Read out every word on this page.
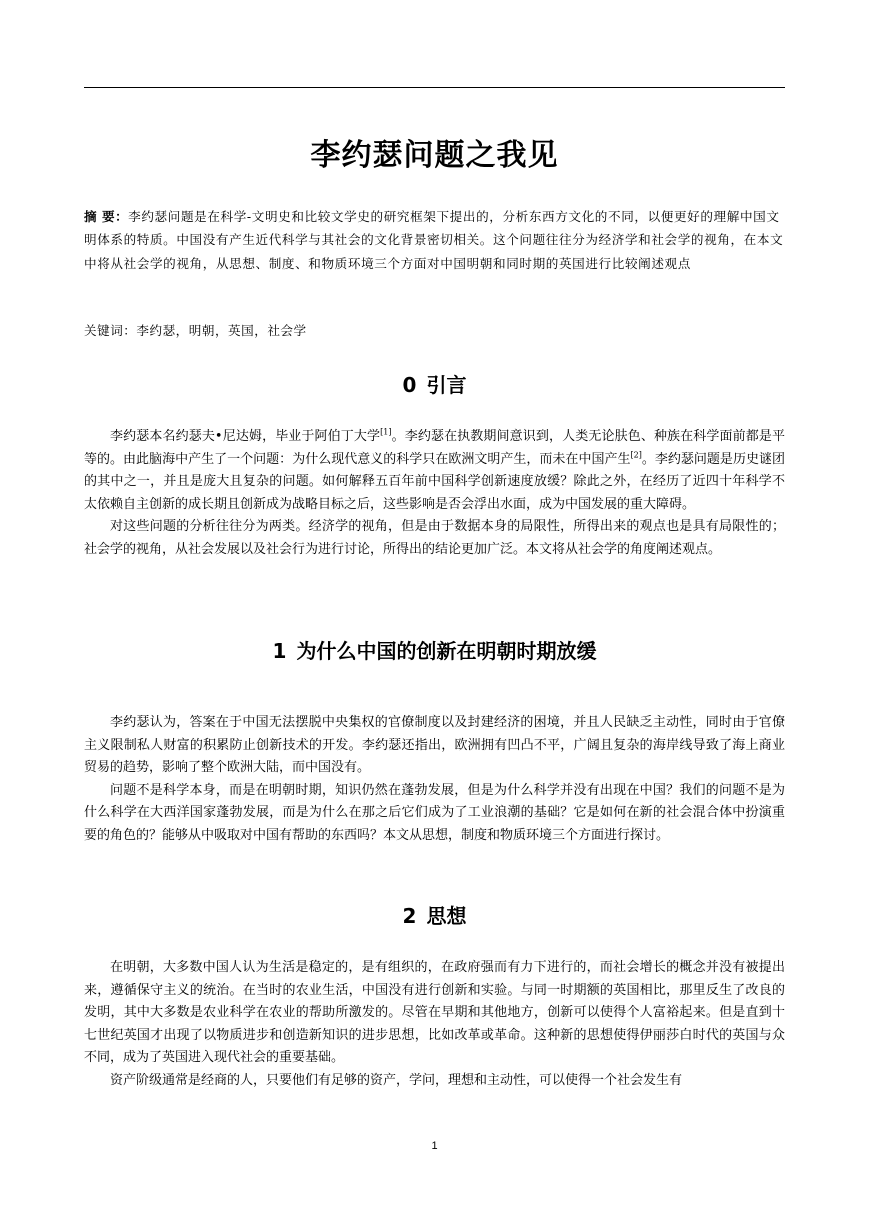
李约瑟问题之我见
摘 要：李约瑟问题是在科学-文明史和比较文学史的研究框架下提出的，分析东西方文化的不同，以便更好的理解中国文明体系的特质。中国没有产生近代科学与其社会的文化背景密切相关。这个问题往往分为经济学和社会学的视角，在本文中将从社会学的视角，从思想、制度、和物质环境三个方面对中国明朝和同时期的英国进行比较阐述观点
关键词：李约瑟，明朝，英国，社会学
0 引言

李约瑟本名约瑟夫•尼达姆，毕业于阿伯丁大学[1]。李约瑟在执教期间意识到，人类无论肤色、种族在科学面前都是平等的。由此脑海中产生了一个问题：为什么现代意义的科学只在欧洲文明产生，而未在中国产生[2]。李约瑟问题是历史谜团的其中之一，并且是庞大且复杂的问题。如何解释五百年前中国科学创新速度放缓？除此之外，在经历了近四十年科学不太依赖自主创新的成长期且创新成为战略目标之后，这些影响是否会浮出水面，成为中国发展的重大障碍。

对这些问题的分析往往分为两类。经济学的视角，但是由于数据本身的局限性，所得出来的观点也是具有局限性的；社会学的视角，从社会发展以及社会行为进行讨论，所得出的结论更加广泛。本文将从社会学的角度阐述观点。

1 为什么中国的创新在明朝时期放缓

李约瑟认为，答案在于中国无法摆脱中央集权的官僚制度以及封建经济的困境，并且人民缺乏主动性，同时由于官僚主义限制私人财富的积累防止创新技术的开发。李约瑟还指出，欧洲拥有凹凸不平，广阔且复杂的海岸线导致了海上商业贸易的趋势，影响了整个欧洲大陆，而中国没有。

问题不是科学本身，而是在明朝时期，知识仍然在蓬勃发展，但是为什么科学并没有出现在中国？我们的问题不是为什么科学在大西洋国家蓬勃发展，而是为什么在那之后它们成为了工业浪潮的基础？它是如何在新的社会混合体中扮演重要的角色的？能够从中吸取对中国有帮助的东西吗？本文从思想，制度和物质环境三个方面进行探讨。

2 思想

在明朝，大多数中国人认为生活是稳定的，是有组织的，在政府强而有力下进行的，而社会增长的概念并没有被提出来，遵循保守主义的统治。在当时的农业生活，中国没有进行创新和实验。与同一时期额的英国相比，那里反生了改良的发明，其中大多数是农业科学在农业的帮助所激发的。尽管在早期和其他地方，创新可以使得个人富裕起来。但是直到十七世纪英国才出现了以物质进步和创造新知识的进步思想，比如改革或革命。这种新的思想使得伊丽莎白时代的英国与众不同，成为了英国进入现代社会的重要基础。

资产阶级通常是经商的人，只要他们有足够的资产，学问，理想和主动性，可以使得一个社会发生有

1
